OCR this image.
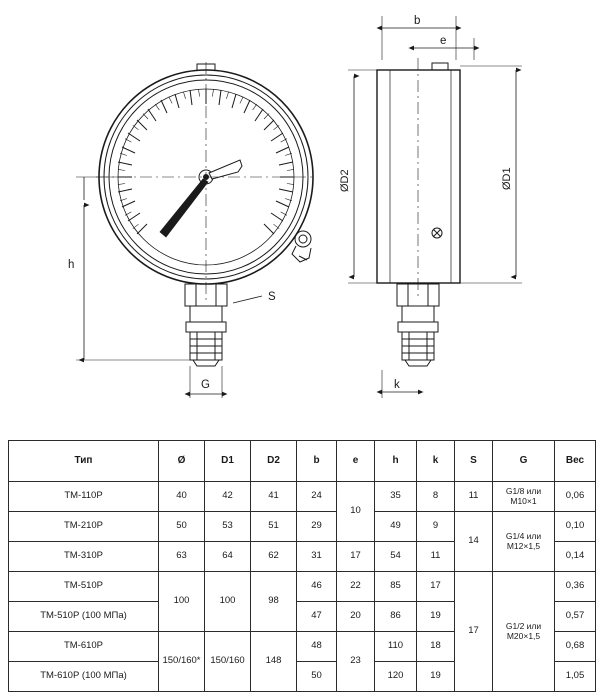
S
h
G
b
e
ØD2	ØD1
k
Тип	Ø	D1	D2	b	e	h	k	S	G	Вес
ТМ-110Р	40	42	41	24	10	35	8	11	G1/8 или M10×1	0,06
ТМ-210Р	50	53	51	29		49	9	14	G1/4 или M12×1,5	0,10
ТМ-310Р	63	64	62	31	17	54	11			0,14
ТМ-510Р	100	100	98	46	22	85	17	17	G1/2 или M20×1,5	0,36
ТМ-510Р (100 МПа)				47	20	86	19			0,57
ТМ-610Р	150/160*	150/160	148	48	23	110	18			0,68
ТМ-610Р (100 МПа)				50		120	19			1,05
